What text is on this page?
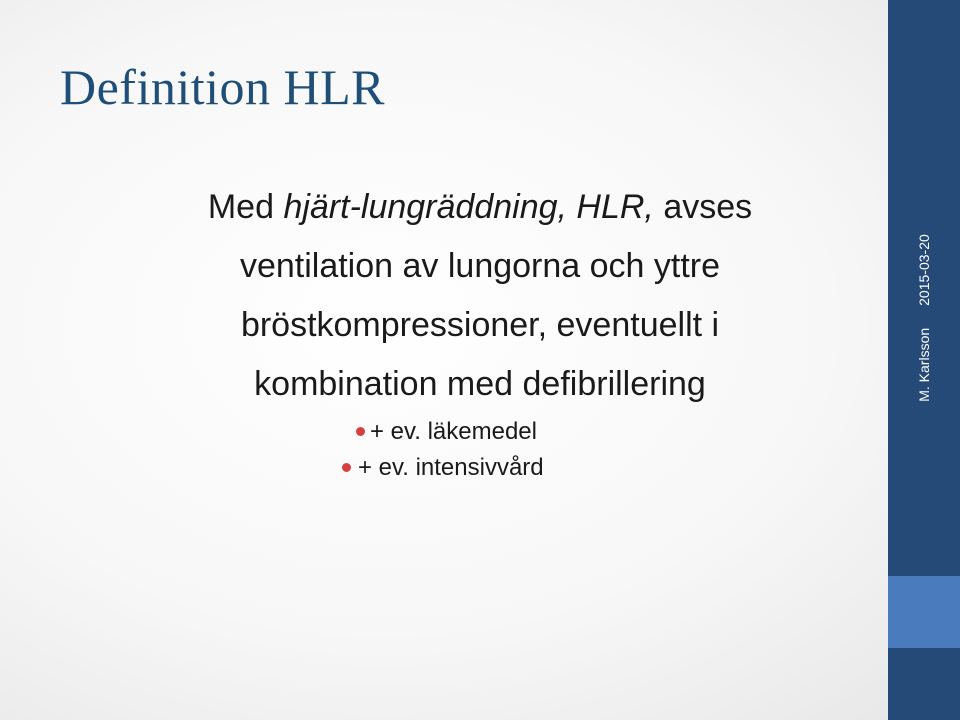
Definition HLR

Med hjärt-lungräddning, HLR, avses

ventilation av lungorna och yttre

bröstkompressioner, eventuellt i

kombination med defibrillering

+ ev. läkemedel
+ ev. intensivvård
M. Karlsson
2015-03-20
